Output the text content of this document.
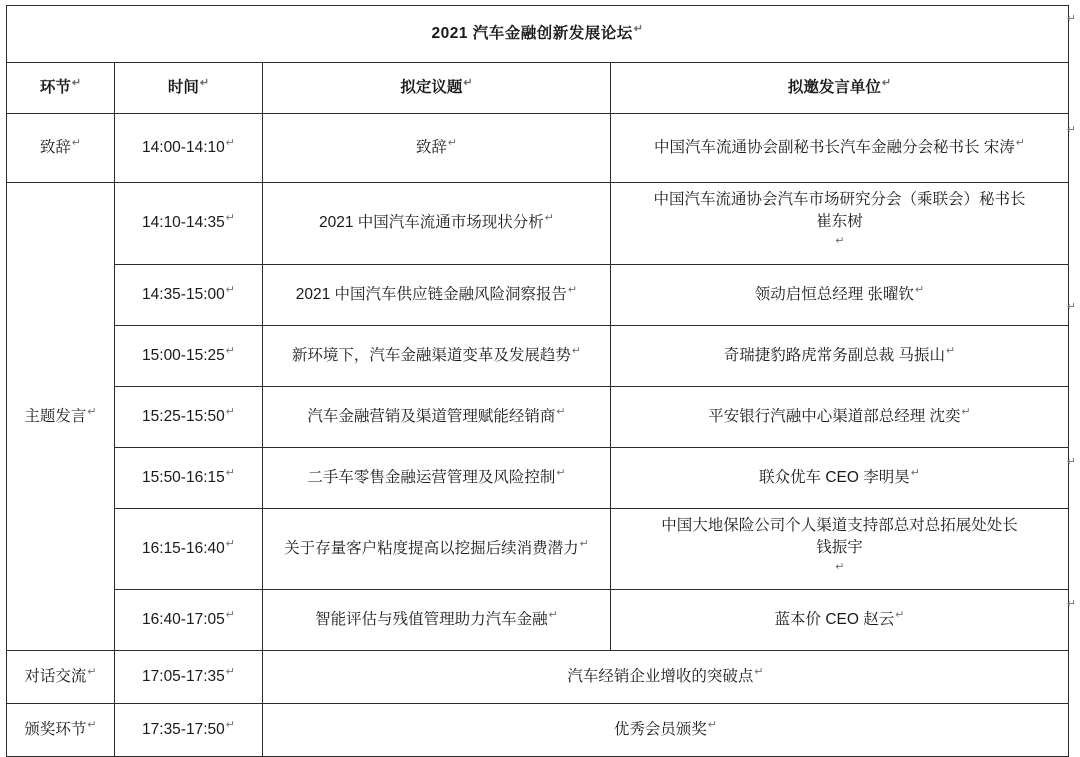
2021 汽车金融创新发展论坛↵
环节↵	时间↵	拟定议题↵	拟邀发言单位↵
致辞↵	14:00-14:10↵	致辞↵	中国汽车流通协会副秘书长汽车金融分会秘书长 宋涛↵
主题发言↵	14:10-14:35↵	2021 中国汽车流通市场现状分析↵	中国汽车流通协会汽车市场研究分会（乘联会）秘书长
崔东树
↵
	14:35-15:00↵	2021 中国汽车供应链金融风险洞察报告↵	领动启恒总经理 张曜钦↵
	15:00-15:25↵	新环境下，汽车金融渠道变革及发展趋势↵	奇瑞捷豹路虎常务副总裁 马振山↵
	15:25-15:50↵	汽车金融营销及渠道管理赋能经销商↵	平安银行汽融中心渠道部总经理 沈奕↵
	15:50-16:15↵	二手车零售金融运营管理及风险控制↵	联众优车 CEO 李明昊↵
	16:15-16:40↵	关于存量客户粘度提高以挖掘后续消费潜力↵	中国大地保险公司个人渠道支持部总对总拓展处处长
钱振宇
↵
	16:40-17:05↵	智能评估与残值管理助力汽车金融↵	蓝本价 CEO 赵云↵
对话交流↵	17:05-17:35↵	汽车经销企业增收的突破点↵
颁奖环节↵	17:35-17:50↵	优秀会员颁奖↵
↵
↵
↵
↵
↵
